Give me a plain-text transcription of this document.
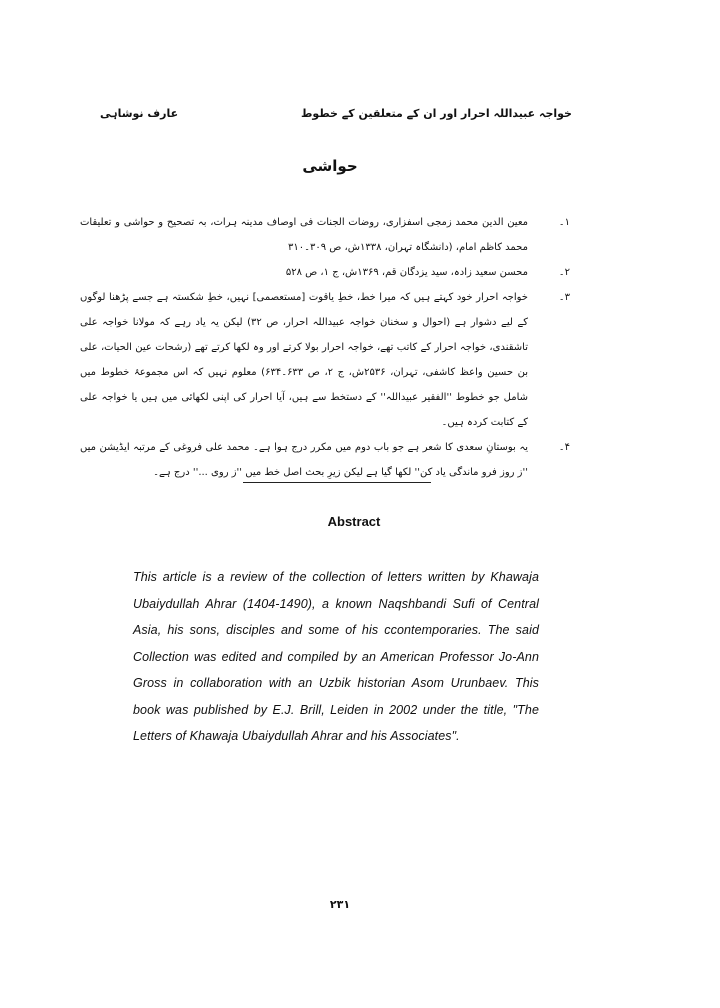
خواجہ عبیداللہ احرار اور ان کے متعلقین کے خطوط
عارف نوشاہی
حواشی

۱۔
معین الدین محمد زمجی اسفزاری، روضات الجنات فی اوصاف مدینہ ہرات، بہ تصحیح و حواشی و تعلیقات محمد کاظم امام، (دانشگاہ تہران، ۱۳۳۸ش، ص ۳۰۹۔۳۱۰

۲۔
محسن سعید زادہ، سید یزدگان قم، ۱۳۶۹ش، ج ۱، ص ۵۲۸

۳۔
خواجہ احرار خود کہتے ہیں کہ میرا خط، خطِ یاقوت [مستعصمی] نہیں، خطِ شکستہ ہے جسے پڑھنا لوگوں کے لیے دشوار ہے (احوال و سخنان خواجہ عبیداللہ احرار، ص ۳۲) لیکن یہ یاد رہے کہ مولانا خواجہ علی تاشقندی، خواجہ احرار کے کاتب تھے، خواجہ احرار بولا کرتے اور وہ لکھا کرتے تھے (رشحات عین الحیات، علی بن حسین واعظ کاشفی، تہران، ۲۵۳۶ش، ج ۲، ص ۶۳۳۔۶۳۴) معلوم نہیں کہ اس مجموعۂ خطوط میں شامل جو خطوط ''الفقیر عبیداللہ'' کے دستخط سے ہیں، آیا احرار کی اپنی لکھائی میں ہیں یا خواجہ علی کے کتابت کردہ ہیں۔

۴۔
یہ بوستانِ سعدی کا شعر ہے جو باب دوم میں مکرر درج ہوا ہے۔ محمد علی فروغی کے مرتبہ ایڈیشن میں ''ز روز فرو ماندگی یاد کن'' لکھا گیا ہے لیکن زیرِ بحث اصل خط میں ''ز روی ...'' درج ہے۔

Abstract
This article is a review of the collection of letters written by Khawaja Ubaiydullah Ahrar (1404-1490), a known Naqshbandi Sufi of Central Asia, his sons, disciples and some of his ccontemporaries. The said Collection was edited and compiled by an American Professor Jo-Ann Gross in collaboration with an Uzbik historian Asom Urunbaev. This book was published by E.J. Brill, Leiden in 2002 under the title, "The Letters of Khawaja Ubaiydullah Ahrar and his Associates".
۲۳۱
